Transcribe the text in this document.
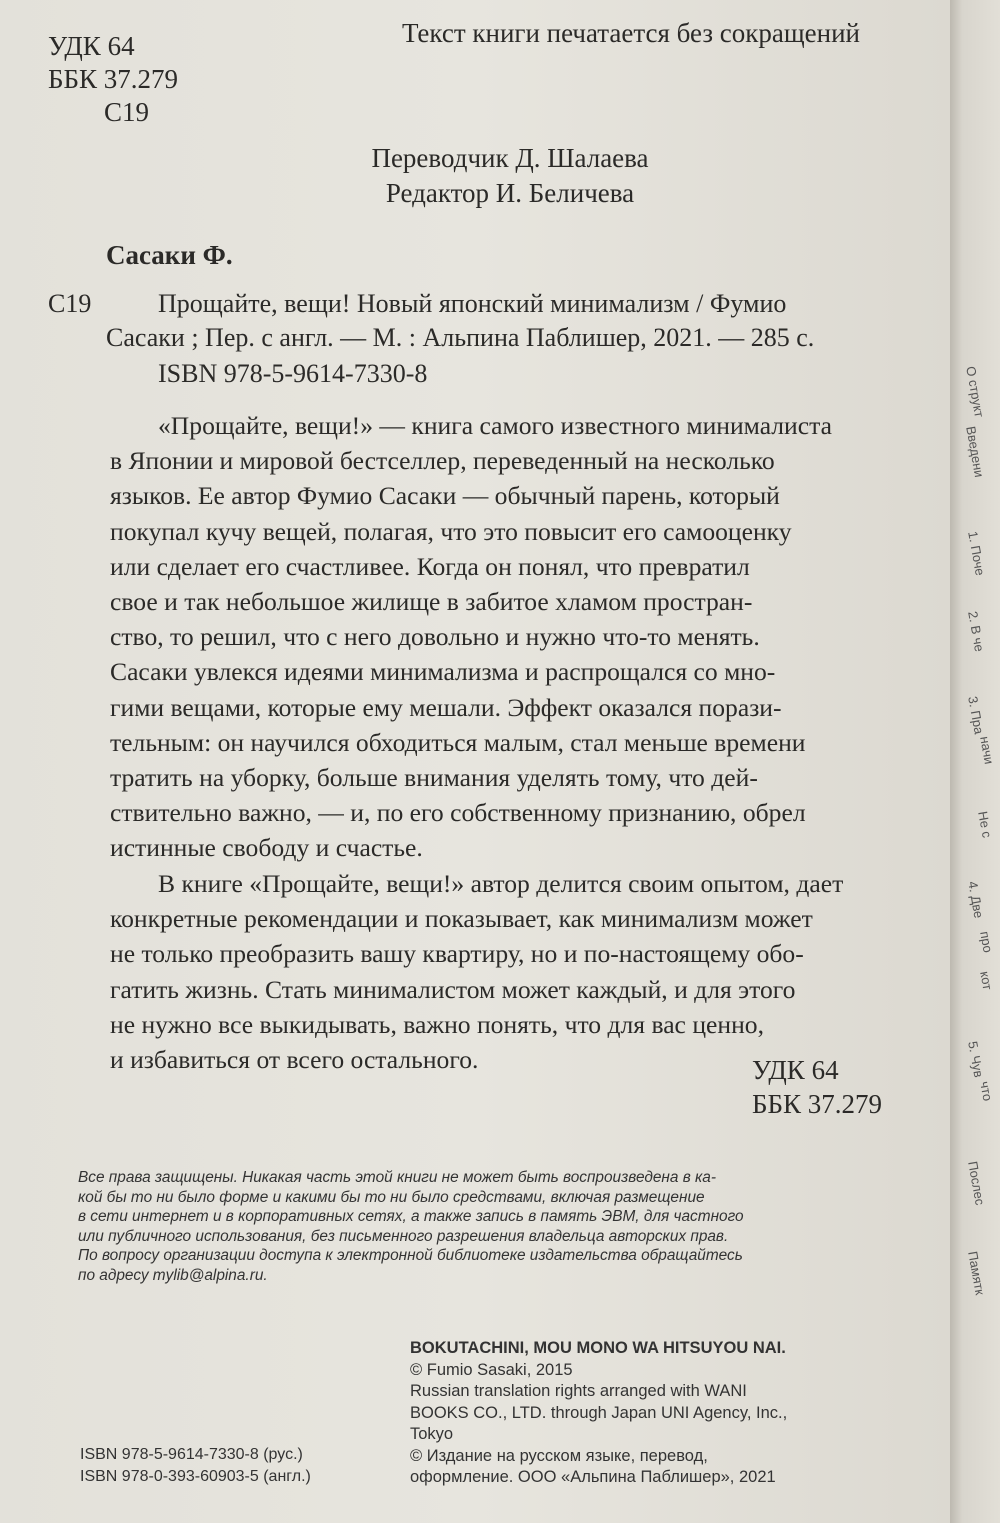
УДК 64
ББК 37.279
С19
Текст книги печатается без сокращений
Переводчик Д. Шалаева
Редактор И. Беличева
Сасаки Ф.
С19	Прощайте, вещи! Новый японский минимализм / Фумио
Сасаки ; Пер. с англ. — М. : Альпина Паблишер, 2021. — 285 с.
ISBN 978-5-9614-7330-8
«Прощайте, вещи!» — книга самого известного минималиста
в Японии и мировой бестселлер, переведенный на несколько
языков. Ее автор Фумио Сасаки — обычный парень, который
покупал кучу вещей, полагая, что это повысит его самооценку
или сделает его счастливее. Когда он понял, что превратил
свое и так небольшое жилище в забитое хламом простран-
ство, то решил, что с него довольно и нужно что-то менять.
Сасаки увлекся идеями минимализма и распрощался со мно-
гими вещами, которые ему мешали. Эффект оказался порази-
тельным: он научился обходиться малым, стал меньше времени
тратить на уборку, больше внимания уделять тому, что дей-
ствительно важно, — и, по его собственному признанию, обрел
истинные свободу и счастье.
В книге «Прощайте, вещи!» автор делится своим опытом, дает
конкретные рекомендации и показывает, как минимализм может
не только преобразить вашу квартиру, но и по-настоящему обо-
гатить жизнь. Стать минималистом может каждый, и для этого
не нужно все выкидывать, важно понять, что для вас ценно,
и избавиться от всего остального.	УДК 64
ББК 37.279
Все права защищены. Никакая часть этой книги не может быть воспроизведена в ка-
кой бы то ни было форме и какими бы то ни было средствами, включая размещение
в сети интернет и в корпоративных сетях, а также запись в память ЭВМ, для частного
или публичного использования, без письменного разрешения владельца авторских прав.
По вопросу организации доступа к электронной библиотеке издательства обращайтесь
по адресу mylib@alpina.ru.
BOKUTACHINI, MOU MONO WA HITSUYOU NAI.
© Fumio Sasaki, 2015
Russian translation rights arranged with WANI
BOOKS CO., LTD. through Japan UNI Agency, Inc.,
Tokyo
© Издание на русском языке, перевод,
оформление. ООО «Альпина Паблишер», 2021
ISBN 978-5-9614-7330-8 (рус.)
ISBN 978-0-393-60903-5 (англ.)
О структ
Введени
1. Поче
2. В че
3. Пра
начи
Не с
4. Две
про
кот
5. Чув
что
Послес
Памятк
